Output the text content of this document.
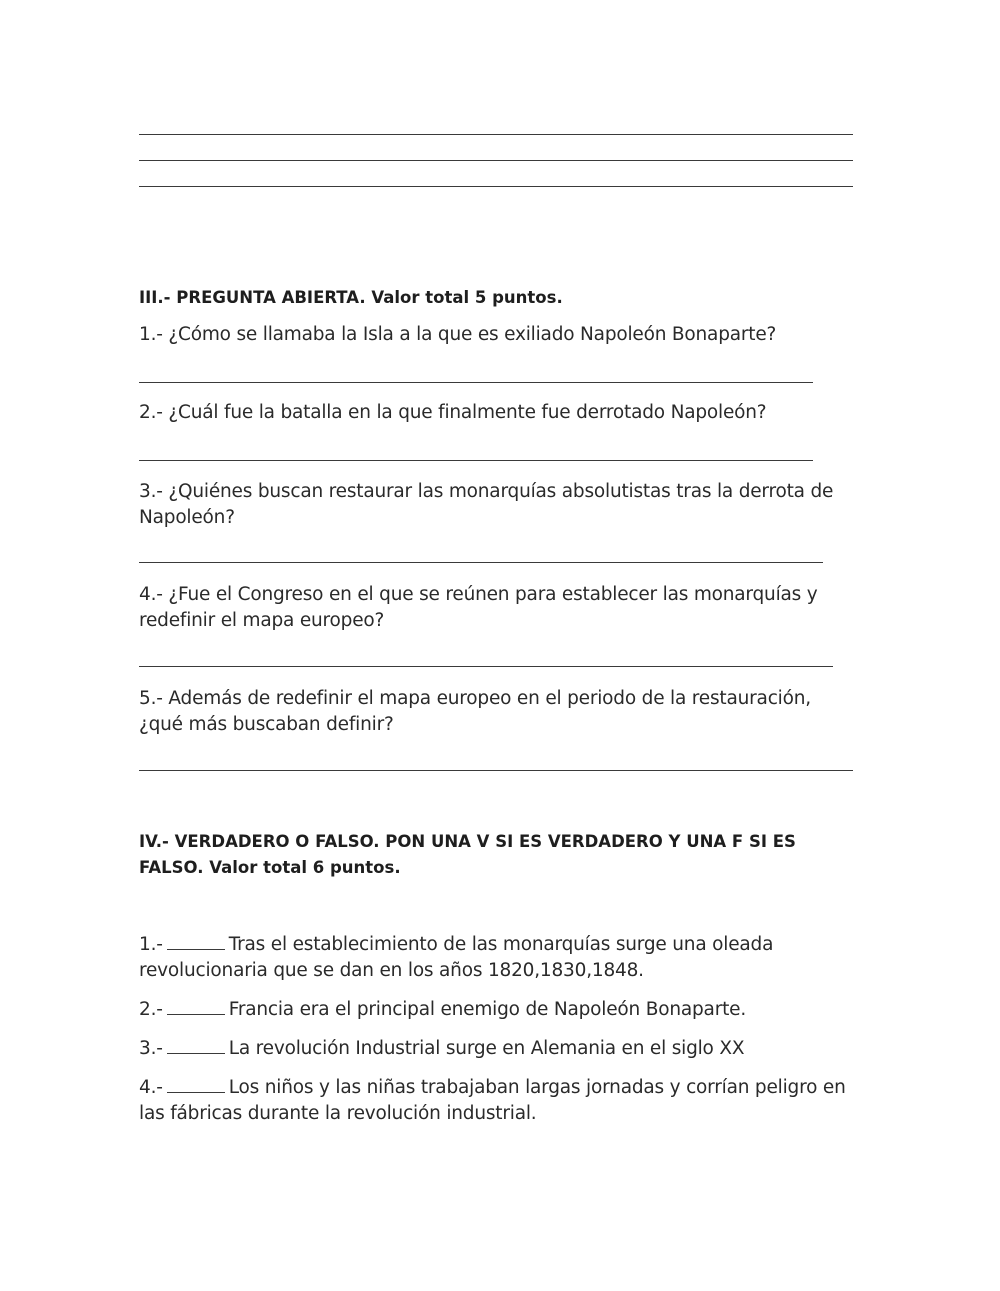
III.- PREGUNTA ABIERTA. Valor total 5 puntos.
1.- ¿Cómo se llamaba la Isla a la que es exiliado Napoleón Bonaparte?
2.- ¿Cuál fue la batalla en la que finalmente fue derrotado Napoleón?
3.- ¿Quiénes buscan restaurar las monarquías absolutistas tras la derrota de Napoleón?
4.- ¿Fue el Congreso en el que se reúnen para establecer las monarquías y redefinir el mapa europeo?
5.- Además de redefinir el mapa europeo en el periodo de la restauración, ¿qué más buscaban definir?
IV.- VERDADERO O FALSO. PON UNA V SI ES VERDADERO Y UNA F SI ES FALSO. Valor total 6 puntos.
1.-	Tras el establecimiento de las monarquías surge una oleada revolucionaria que se dan en los años 1820,1830,1848.
2.-	Francia era el principal enemigo de Napoleón Bonaparte.
3.-	La revolución Industrial surge en Alemania en el siglo XX
4.-	Los niños y las niñas trabajaban largas jornadas y corrían peligro en las fábricas durante la revolución industrial.
